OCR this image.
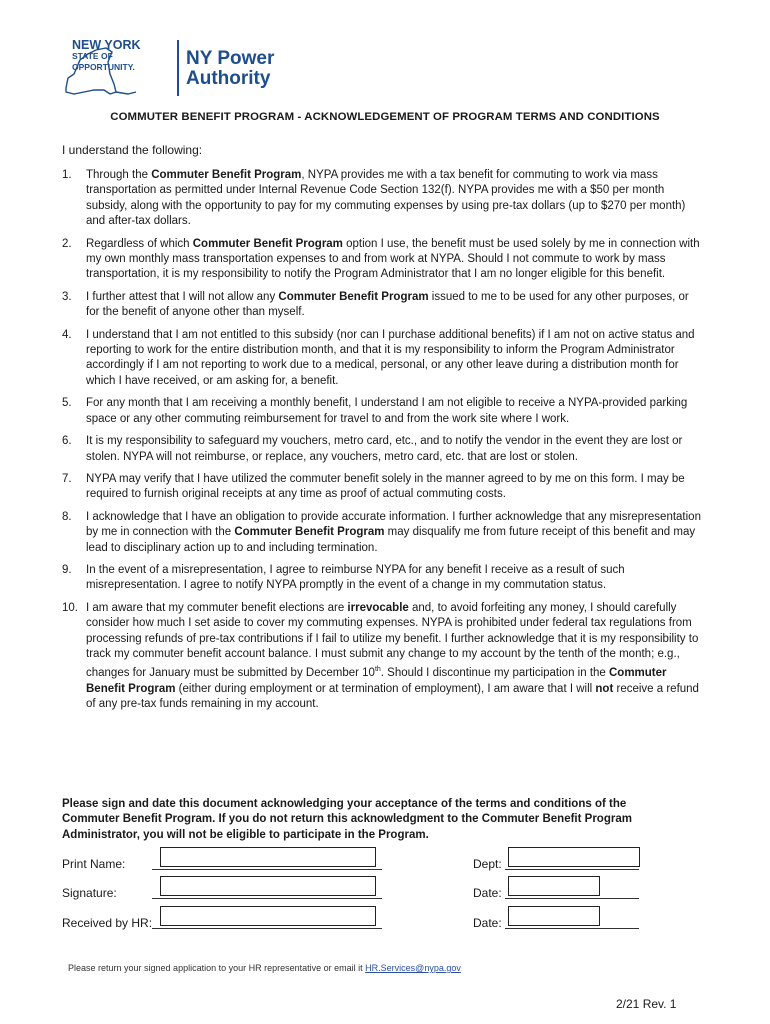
NEW YORK
STATE OF
OPPORTUNITY.	NY Power
Authority
COMMUTER BENEFIT PROGRAM - ACKNOWLEDGEMENT OF PROGRAM TERMS AND CONDITIONS
I understand the following:
1. Through the Commuter Benefit Program, NYPA provides me with a tax benefit for commuting to work via mass transportation as permitted under Internal Revenue Code Section 132(f). NYPA provides me with a $50 per month subsidy, along with the opportunity to pay for my commuting expenses by using pre-tax dollars (up to $270 per month) and after-tax dollars.
2. Regardless of which Commuter Benefit Program option I use, the benefit must be used solely by me in connection with my own monthly mass transportation expenses to and from work at NYPA. Should I not commute to work by mass transportation, it is my responsibility to notify the Program Administrator that I am no longer eligible for this benefit.
3. I further attest that I will not allow any Commuter Benefit Program issued to me to be used for any other purposes, or for the benefit of anyone other than myself.
4. I understand that I am not entitled to this subsidy (nor can I purchase additional benefits) if I am not on active status and reporting to work for the entire distribution month, and that it is my responsibility to inform the Program Administrator accordingly if I am not reporting to work due to a medical, personal, or any other leave during a distribution month for which I have received, or am asking for, a benefit.
5. For any month that I am receiving a monthly benefit, I understand I am not eligible to receive a NYPA-provided parking space or any other commuting reimbursement for travel to and from the work site where I work.
6. It is my responsibility to safeguard my vouchers, metro card, etc., and to notify the vendor in the event they are lost or stolen. NYPA will not reimburse, or replace, any vouchers, metro card, etc. that are lost or stolen.
7. NYPA may verify that I have utilized the commuter benefit solely in the manner agreed to by me on this form. I may be required to furnish original receipts at any time as proof of actual commuting costs.
8. I acknowledge that I have an obligation to provide accurate information. I further acknowledge that any misrepresentation by me in connection with the Commuter Benefit Program may disqualify me from future receipt of this benefit and may lead to disciplinary action up to and including termination.
9. In the event of a misrepresentation, I agree to reimburse NYPA for any benefit I receive as a result of such misrepresentation. I agree to notify NYPA promptly in the event of a change in my commutation status.
10. I am aware that my commuter benefit elections are irrevocable and, to avoid forfeiting any money, I should carefully consider how much I set aside to cover my commuting expenses. NYPA is prohibited under federal tax regulations from processing refunds of pre-tax contributions if I fail to utilize my benefit. I further acknowledge that it is my responsibility to track my commuter benefit account balance. I must submit any change to my account by the tenth of the month; e.g., changes for January must be submitted by December 10th. Should I discontinue my participation in the Commuter Benefit Program (either during employment or at termination of employment), I am aware that I will not receive a refund of any pre-tax funds remaining in my account.
Please sign and date this document acknowledging your acceptance of the terms and conditions of the Commuter Benefit Program. If you do not return this acknowledgment to the Commuter Benefit Program Administrator, you will not be eligible to participate in the Program.
Print Name:	Dept:
Signature:	Date:
Received by HR:	Date:
Please return your signed application to your HR representative or email it HR.Services@nypa.gov
2/21 Rev. 1
